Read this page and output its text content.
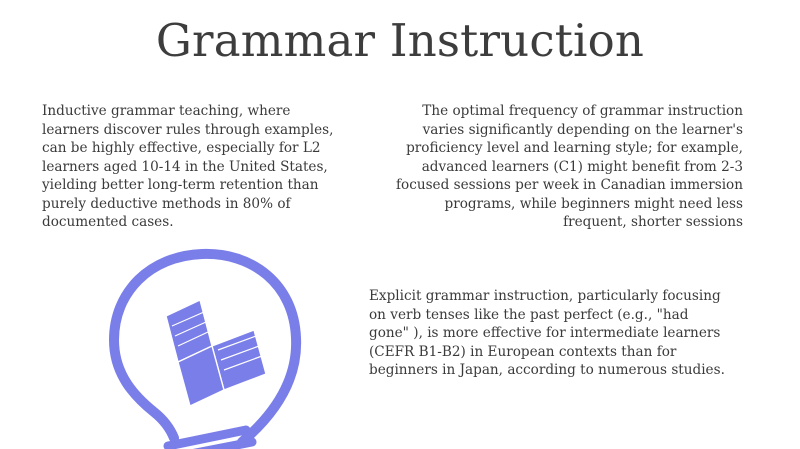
Grammar Instruction

Inductive grammar teaching, where
learners discover rules through examples,
can be highly effective, especially for L2
learners aged 10-14 in the United States,
yielding better long-term retention than
purely deductive methods in 80% of
documented cases.

The optimal frequency of grammar instruction
varies significantly depending on the learner's
proficiency level and learning style; for example,
advanced learners (C1) might benefit from 2-3
focused sessions per week in Canadian immersion
programs, while beginners might need less
frequent, shorter sessions

Explicit grammar instruction, particularly focusing
on verb tenses like the past perfect (e.g., "had
gone" ), is more effective for intermediate learners
(CEFR B1-B2) in European contexts than for
beginners in Japan, according to numerous studies.
